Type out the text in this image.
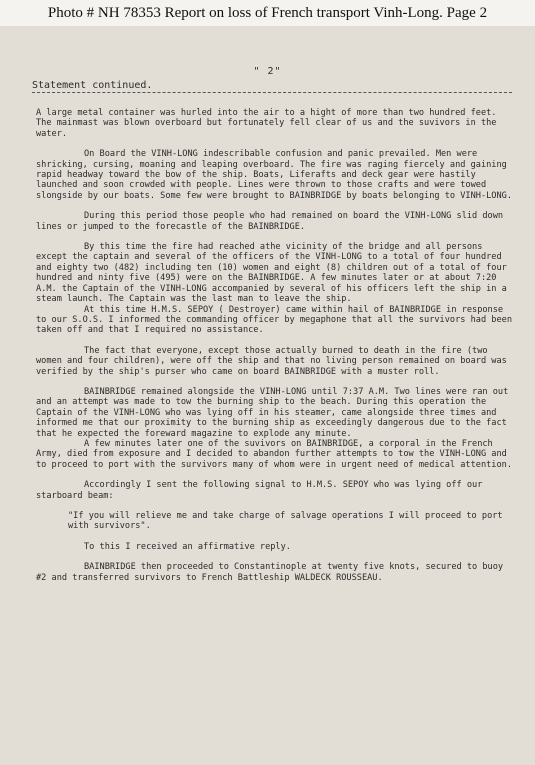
Photo # NH 78353 Report on loss of French transport Vinh-Long. Page 2
" 2"
Statement continued.

A large metal container was hurled into the air to a hight of more than two hundred feet. The mainmast was blown overboard but fortunately fell clear of us and the suvivors in the water.

On Board the VINH-LONG indescribable confusion and panic prevailed. Men were shricking, cursing, moaning and leaping overboard. The fire was raging fiercely and gaining rapid headway toward the bow of the ship. Boats, Liferafts and deck gear were hastily launched and soon crowded with people. Lines were thrown to those crafts and were towed slongside by our boats. Some few were brought to BAINBRIDGE by boats belonging to VINH-LONG.

During this period those people who had remained on board the VINH-LONG slid down lines or jumped to the forecastle of the BAINBRIDGE.

By this time the fire had reached athe vicinity of the bridge and all persons except the captain and several of the officers of the VINH-LONG to a total of four hundred and eighty two (482) including ten (10) women and eight (8) children out of a total of four hundred and ninty five (495) were on the BAINBRIDGE. A few minutes later or at about 7:20 A.M. the Captain of the VINH-LONG accompanied by several of his officers left the ship in a steam launch. The Captain was the last man to leave the ship.

At this time H.M.S. SEPOY ( Destroyer) came within hail of BAINBRIDGE in response to our S.O.S. I informed the commanding officer by megaphone that all the survivors had been taken off and that I required no assistance.

The fact that everyone, except those actually burned to death in the fire (two women and four children), were off the ship and that no living person remained on board was verified by the ship's purser who came on board BAINBRIDGE with a muster roll.

BAINBRIDGE remained alongside the VINH-LONG until 7:37 A.M. Two lines were ran out and an attempt was made to tow the burning ship to the beach. During this operation the Captain of the VINH-LONG who was lying off in his steamer, came alongside three times and informed me that our proximity to the burning ship as exceedingly dangerous due to the fact that he expected the foreward magazine to explode any minute.

A few minutes later one of the suvivors on BAINBRIDGE, a corporal in the French Army, died from exposure and I decided to abandon further attempts to tow the VINH-LONG and to proceed to port with the survivors many of whom were in urgent need of medical attention.

Accordingly I sent the following signal to H.M.S. SEPOY who was lying off our starboard beam:

"If you will relieve me and take charge of salvage operations I will proceed to port with survivors".

To this I received an affirmative reply.

BAINBRIDGE then proceeded to Constantinople at twenty five knots, secured to buoy #2 and transferred survivors to French Battleship WALDECK ROUSSEAU.
